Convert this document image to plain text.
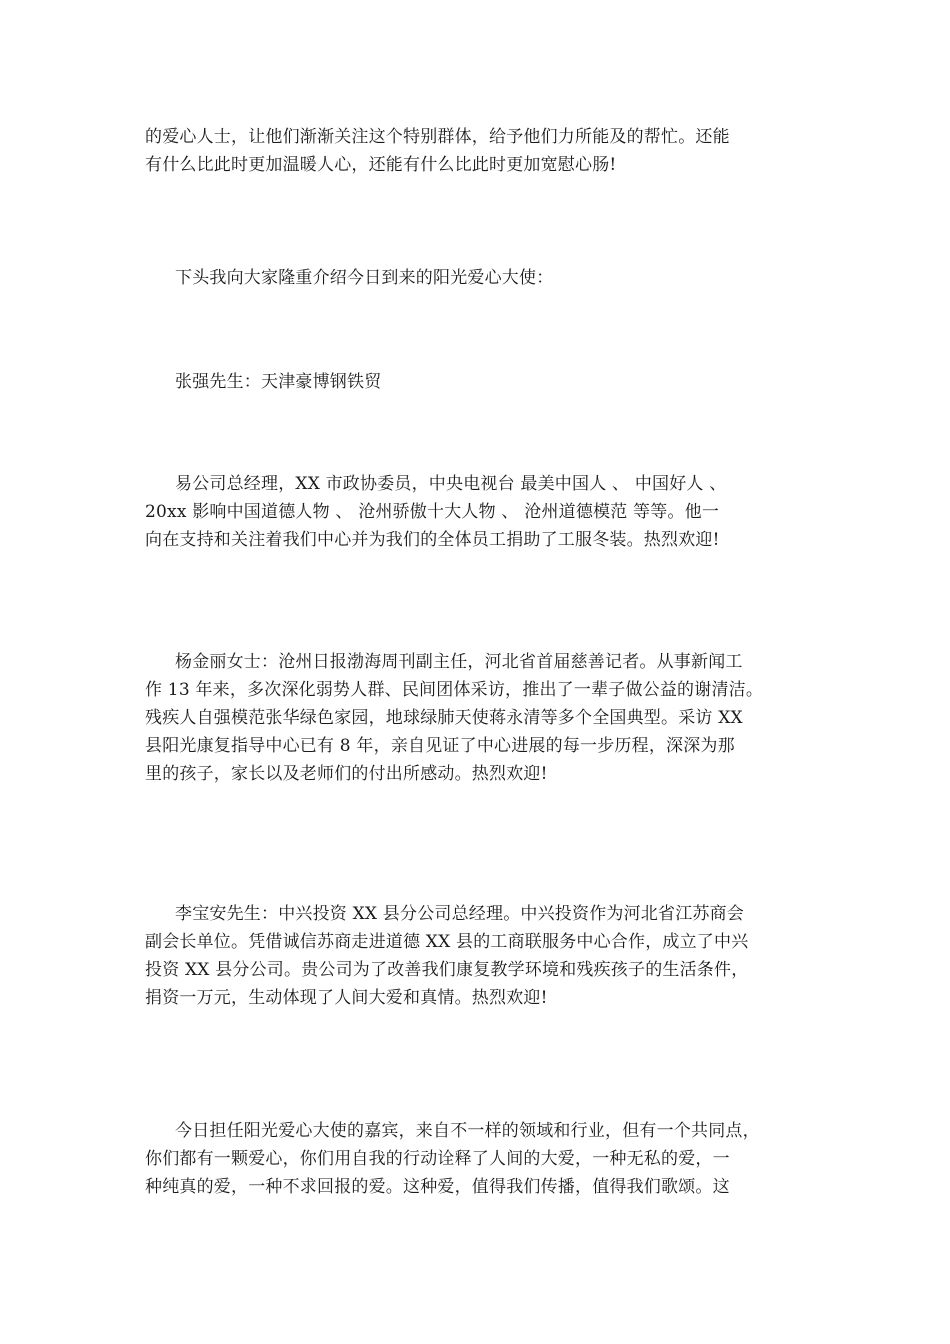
的爱心人士，让他们渐渐关注这个特别群体，给予他们力所能及的帮忙。还能
有什么比此时更加温暖人心，还能有什么比此时更加宽慰心肠!
下头我向大家隆重介绍今日到来的阳光爱心大使：
张强先生：天津豪博钢铁贸
易公司总经理，XX 市政协委员，中央电视台 最美中国人 、 中国好人 、
20xx 影响中国道德人物 、 沧州骄傲十大人物 、 沧州道德模范 等等。他一
向在支持和关注着我们中心并为我们的全体员工捐助了工服冬装。热烈欢迎!
杨金丽女士：沧州日报渤海周刊副主任，河北省首届慈善记者。从事新闻工
作 13 年来，多次深化弱势人群、民间团体采访，推出了一辈子做公益的谢清洁。
残疾人自强模范张华绿色家园，地球绿肺天使蒋永清等多个全国典型。采访 XX
县阳光康复指导中心已有 8 年，亲自见证了中心进展的每一步历程，深深为那
里的孩子，家长以及老师们的付出所感动。热烈欢迎!
李宝安先生：中兴投资 XX 县分公司总经理。中兴投资作为河北省江苏商会
副会长单位。凭借诚信苏商走进道德 XX 县的工商联服务中心合作，成立了中兴
投资 XX 县分公司。贵公司为了改善我们康复教学环境和残疾孩子的生活条件，
捐资一万元，生动体现了人间大爱和真情。热烈欢迎!
今日担任阳光爱心大使的嘉宾，来自不一样的领域和行业，但有一个共同点，
你们都有一颗爱心，你们用自我的行动诠释了人间的大爱，一种无私的爱，一
种纯真的爱，一种不求回报的爱。这种爱，值得我们传播，值得我们歌颂。这
